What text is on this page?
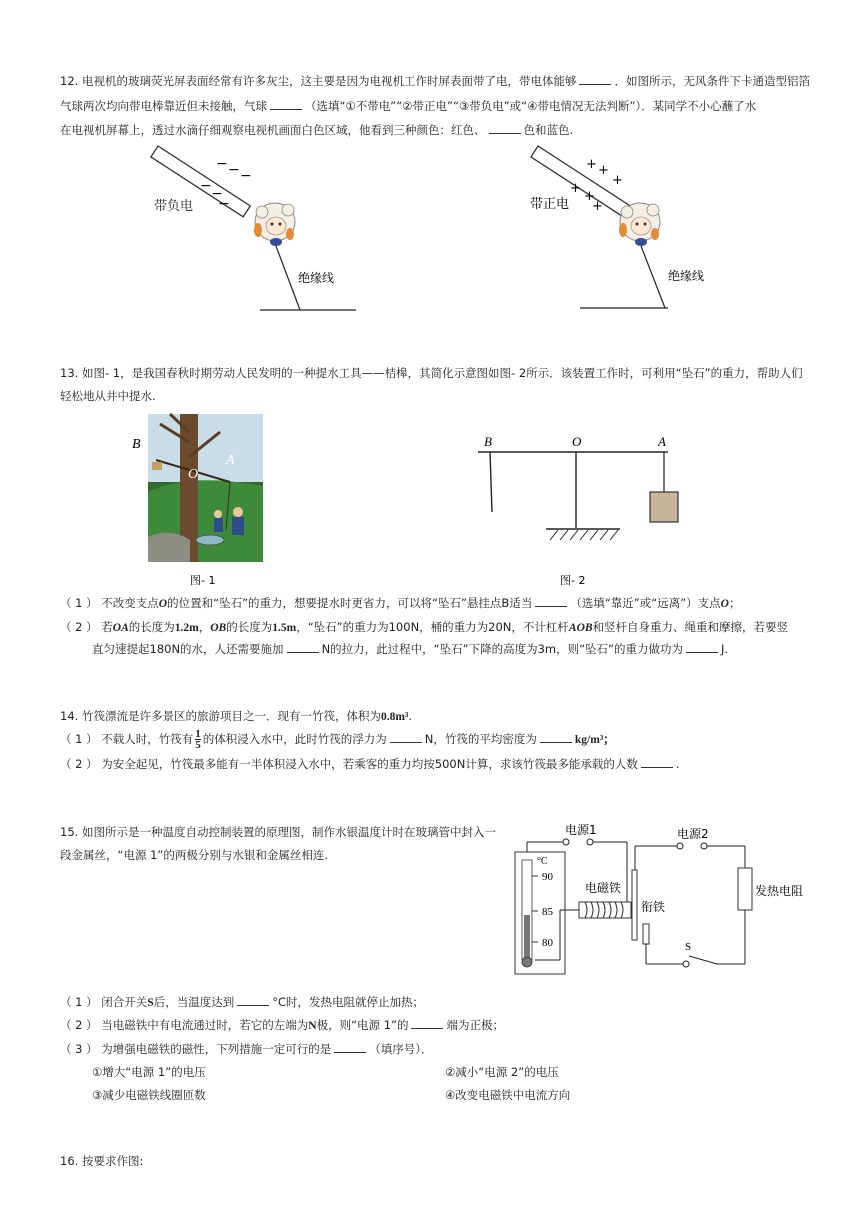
12. 电视机的玻璃荧光屏表面经常有许多灰尘，这主要是因为电视机工作时屏表面带了电，带电体能够	．如图所示，无风条件下卡通造型铝箔
气球两次均向带电棒靠近但未接触，气球	（选填“①不带电”“②带正电”“③带负电”或“④带电情况无法判断”）．某同学不小心蘸了水
在电视机屏幕上，透过水滴仔细观察电视机画面白色区域，他看到三种颜色：红色、	色和蓝色.
− − −
− −
−
带负电
绝缘线
+ +
+
+
+
+
带正电
绝缘线
13. 如图- 1，是我国春秋时期劳动人民发明的一种提水工具——桔槔，其简化示意图如图- 2所示．该装置工作时，可利用“坠石”的重力，帮助人们
轻松地从井中提水.
B
O
A
图- 1
B	O	A
图- 2
（ 1 ） 不改变支点O的位置和“坠石”的重力，想要提水时更省力，可以将“坠石”悬挂点B适当	（选填“靠近”或“远离”）支点O；
（ 2 ） 若OA的长度为1.2m，OB的长度为1.5m，“坠石”的重力为100N，桶的重力为20N，不计杠杆AOB和竖杆自身重力、绳重和摩擦，若要竖
直匀速提起180N的水，人还需要施加	N的拉力，此过程中，“坠石”下降的高度为3m，则“坠石”的重力做功为	J.
14. 竹筏漂流是许多景区的旅游项目之一．现有一竹筏，体积为0.8m³.
（ 1 ） 不载人时，竹筏有 $\frac{1}{5}$ 的体积浸入水中，此时竹筏的浮力为	N，竹筏的平均密度为	kg/m³；
（ 2 ） 为安全起见，竹筏最多能有一半体积浸入水中，若乘客的重力均按500N计算，求该竹筏最多能承载的人数	.
15. 如图所示是一种温度自动控制装置的原理图，制作水银温度计时在玻璃管中封入一
段金属丝，“电源 1”的两极分别与水银和金属丝相连.	°C
90
85
80
电源1
电磁铁
衔铁
电源2
发热电阻
S
（ 1 ） 闭合开关S后，当温度达到	°C时，发热电阻就停止加热；
（ 2 ） 当电磁铁中有电流通过时，若它的左端为N极，则“电源 1”的	端为正极；
（ 3 ） 为增强电磁铁的磁性，下列措施一定可行的是	（填序号）．
①增大“电源 1”的电压	②减小“电源 2”的电压
③减少电磁铁线圈匝数	④改变电磁铁中电流方向
16. 按要求作图:
